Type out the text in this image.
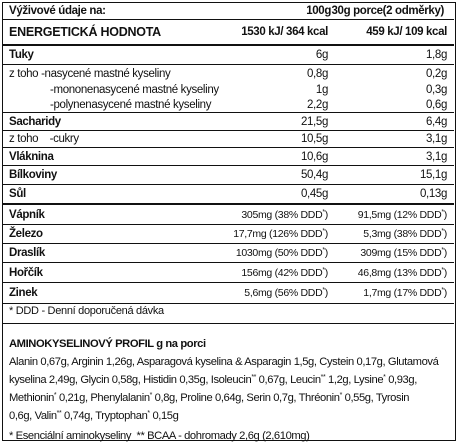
Výživové údaje na:	100g 30g porce(2 odměrky)
ENERGETICKÁ HODNOTA	1530 kJ/ 364 kcal	459 kJ/ 109 kcal
Tuky	6g	1,8g
z toho -nasycené mastné kyseliny	0,8g	0,2g
-mononenasycené mastné kyseliny	1g	0,3g
-polynenasycené mastné kyseliny	2,2g	0,6g
Sacharidy	21,5g	6,4g
z toho    -cukry	10,5g	3,1g
Vláknina	10,6g	3,1g
Bílkoviny	50,4g	15,1g
Sůl	0,45g	0,13g
Vápník	305mg (38% DDD*)	91,5mg (12% DDD*)
Železo	17,7mg (126% DDD*)	5,3mg (38% DDD*)
Draslík	1030mg (50% DDD*)	309mg (15% DDD*)
Hořčík	156mg (42% DDD*)	46,8mg (13% DDD*)
Zinek	5,6mg (56% DDD*)	1,7mg (17% DDD*)
* DDD - Denní doporučená dávka
AMINOKYSELINOVÝ PROFIL g na porci
Alanin 0,67g, Arginin 1,26g, Asparagová kyselina & Asparagin 1,5g, Cystein 0,17g, Glutamová
kyselina 2,49g, Glycin 0,58g, Histidin 0,35g, Isoleucin** 0,67g, Leucin** 1,2g, Lysine* 0,93g,
Methionin* 0,21g, Phenylalanin* 0,8g, Proline 0,64g, Serin 0,7g, Thréonin* 0,55g, Tyrosin
0,6g, Valin** 0,74g, Tryptophan* 0,15g
* Esenciální aminokyseliny ** BCAA - dohromady 2,6g (2,610mg)
